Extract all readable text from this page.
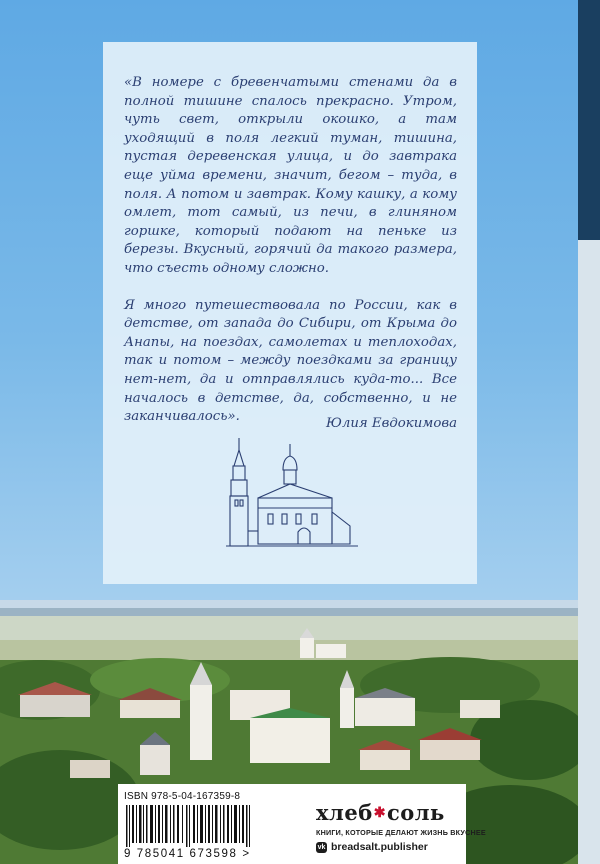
«В номере с бревенчатыми стенами да в полной тишине спалось прекрасно. Утром, чуть свет, открыли окошко, а там уходящий в поля легкий туман, тишина, пустая деревенская улица, и до завтрака еще уйма времени, значит, бегом – туда, в поля. А потом и завтрак. Кому кашку, а кому омлет, тот самый, из печи, в глиняном горшке, который подают на пеньке из березы. Вкусный, горячий да такого размера, что съесть одному сложно.

Я много путешествовала по России, как в детстве, от запада до Сибири, от Крыма до Анапы, на поездах, самолетах и теплоходах, так и потом – между поездками за границу нет-нет, да и отправлялись куда-то... Все началось в детстве, да, собственно, и не заканчивалось».	Юлия Евдокимова
ISBN 978-5-04-167359-8
9 785041 673598 >
хлеб✱соль
КНИГИ, КОТОРЫЕ ДЕЛАЮТ ЖИЗНЬ ВКУСНЕЕ
vk breadsalt.publisher
